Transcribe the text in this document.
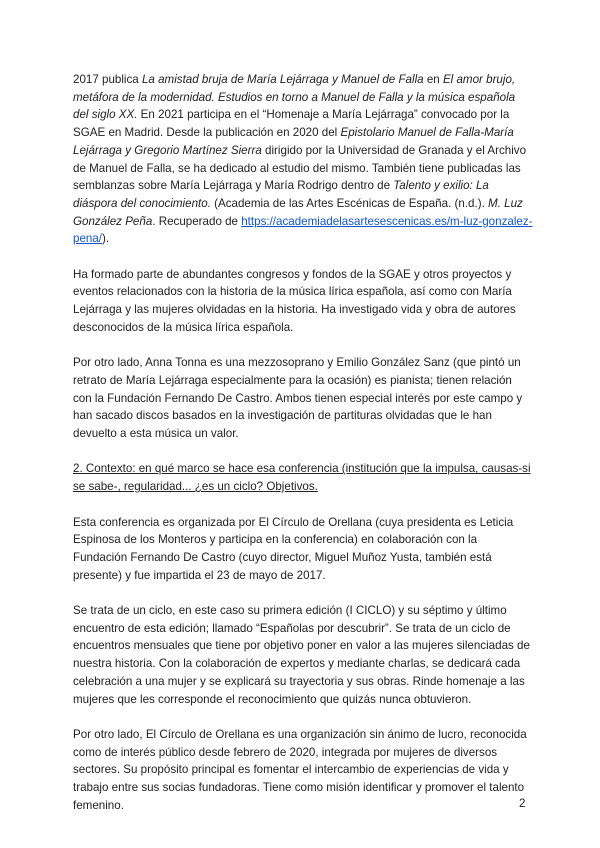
2017 publica La amistad bruja de María Lejárraga y Manuel de Falla en El amor brujo, metáfora de la modernidad. Estudios en torno a Manuel de Falla y la música española del siglo XX. En 2021 participa en el “Homenaje a María Lejárraga” convocado por la SGAE en Madrid. Desde la publicación en 2020 del Epistolario Manuel de Falla-María Lejárraga y Gregorio Martínez Sierra dirigido por la Universidad de Granada y el Archivo de Manuel de Falla, se ha dedicado al estudio del mismo. También tiene publicadas las semblanzas sobre María Lejárraga y María Rodrigo dentro de Talento y exilio: La diáspora del conocimiento. (Academia de las Artes Escénicas de España. (n.d.). M. Luz González Peña. Recuperado de https://academiadelasartesescenicas.es/m-luz-gonzalez-pena/).

Ha formado parte de abundantes congresos y fondos de la SGAE y otros proyectos y eventos relacionados con la historia de la música lírica española, así como con María Lejárraga y las mujeres olvidadas en la historia. Ha investigado vida y obra de autores desconocidos de la música lírica española.

Por otro lado, Anna Tonna es una mezzosoprano y Emilio González Sanz (que pintó un retrato de María Lejárraga especialmente para la ocasión) es pianista; tienen relación con la Fundación Fernando De Castro. Ambos tienen especial interés por este campo y han sacado discos basados en la investigación de partituras olvidadas que le han devuelto a esta música un valor.

2. Contexto: en qué marco se hace esa conferencia (institución que la impulsa, causas-si se sabe-, regularidad... ¿es un ciclo? Objetivos.

Esta conferencia es organizada por El Círculo de Orellana (cuya presidenta es Leticia Espinosa de los Monteros y participa en la conferencia) en colaboración con la Fundación Fernando De Castro (cuyo director, Miguel Muñoz Yusta, también está presente) y fue impartida el 23 de mayo de 2017.

Se trata de un ciclo, en este caso su primera edición (I CICLO) y su séptimo y último encuentro de esta edición; llamado “Españolas por descubrir”. Se trata de un ciclo de encuentros mensuales que tiene por objetivo poner en valor a las mujeres silenciadas de nuestra historia. Con la colaboración de expertos y mediante charlas, se dedicará cada celebración a una mujer y se explicará su trayectoria y sus obras. Rinde homenaje a las mujeres que les corresponde el reconocimiento que quizás nunca obtuvieron.

Por otro lado, El Círculo de Orellana es una organización sin ánimo de lucro, reconocida como de interés público desde febrero de 2020, integrada por mujeres de diversos sectores. Su propósito principal es fomentar el intercambio de experiencias de vida y trabajo entre sus socias fundadoras. Tiene como misión identificar y promover el talento femenino.	2
